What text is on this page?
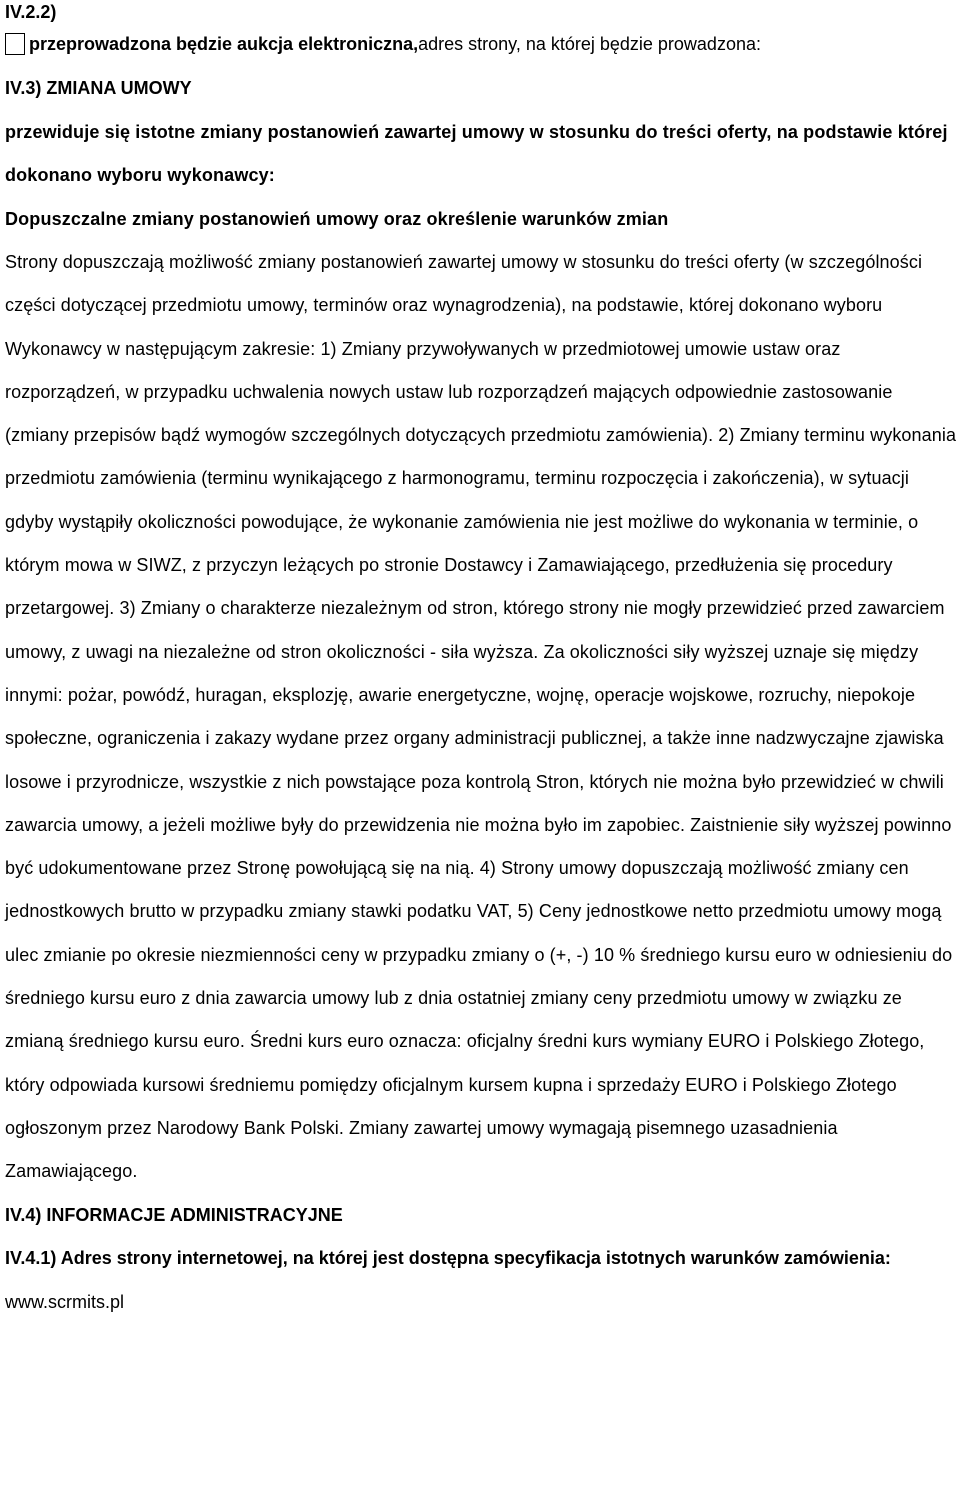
IV.2.2)

przeprowadzona będzie aukcja elektroniczna, adres strony, na której będzie prowadzona:

IV.3) ZMIANA UMOWY

przewiduje się istotne zmiany postanowień zawartej umowy w stosunku do treści oferty, na podstawie której dokonano wyboru wykonawcy:

Dopuszczalne zmiany postanowień umowy oraz określenie warunków zmian

Strony dopuszczają możliwość zmiany postanowień zawartej umowy w stosunku do treści oferty (w szczególności części dotyczącej przedmiotu umowy, terminów oraz wynagrodzenia), na podstawie, której dokonano wyboru Wykonawcy w następującym zakresie: 1) Zmiany przywoływanych w przedmiotowej umowie ustaw oraz rozporządzeń, w przypadku uchwalenia nowych ustaw lub rozporządzeń mających odpowiednie zastosowanie (zmiany przepisów bądź wymogów szczególnych dotyczących przedmiotu zamówienia). 2) Zmiany terminu wykonania przedmiotu zamówienia (terminu wynikającego z harmonogramu, terminu rozpoczęcia i zakończenia), w sytuacji gdyby wystąpiły okoliczności powodujące, że wykonanie zamówienia nie jest możliwe do wykonania w terminie, o którym mowa w SIWZ, z przyczyn leżących po stronie Dostawcy i Zamawiającego, przedłużenia się procedury przetargowej. 3) Zmiany o charakterze niezależnym od stron, którego strony nie mogły przewidzieć przed zawarciem umowy, z uwagi na niezależne od stron okoliczności - siła wyższa. Za okoliczności siły wyższej uznaje się między innymi: pożar, powódź, huragan, eksplozję, awarie energetyczne, wojnę, operacje wojskowe, rozruchy, niepokoje społeczne, ograniczenia i zakazy wydane przez organy administracji publicznej, a także inne nadzwyczajne zjawiska losowe i przyrodnicze, wszystkie z nich powstające poza kontrolą Stron, których nie można było przewidzieć w chwili zawarcia umowy, a jeżeli możliwe były do przewidzenia nie można było im zapobiec. Zaistnienie siły wyższej powinno być udokumentowane przez Stronę powołującą się na nią. 4) Strony umowy dopuszczają możliwość zmiany cen jednostkowych brutto w przypadku zmiany stawki podatku VAT, 5) Ceny jednostkowe netto przedmiotu umowy mogą ulec zmianie po okresie niezmienności ceny w przypadku zmiany o (+, -) 10 % średniego kursu euro w odniesieniu do średniego kursu euro z dnia zawarcia umowy lub z dnia ostatniej zmiany ceny przedmiotu umowy w związku ze zmianą średniego kursu euro. Średni kurs euro oznacza: oficjalny średni kurs wymiany EURO i Polskiego Złotego, który odpowiada kursowi średniemu pomiędzy oficjalnym kursem kupna i sprzedaży EURO i Polskiego Złotego ogłoszonym przez Narodowy Bank Polski. Zmiany zawartej umowy wymagają pisemnego uzasadnienia Zamawiającego.

IV.4) INFORMACJE ADMINISTRACYJNE

IV.4.1) Adres strony internetowej, na której jest dostępna specyfikacja istotnych warunków zamówienia: www.scrmits.pl
